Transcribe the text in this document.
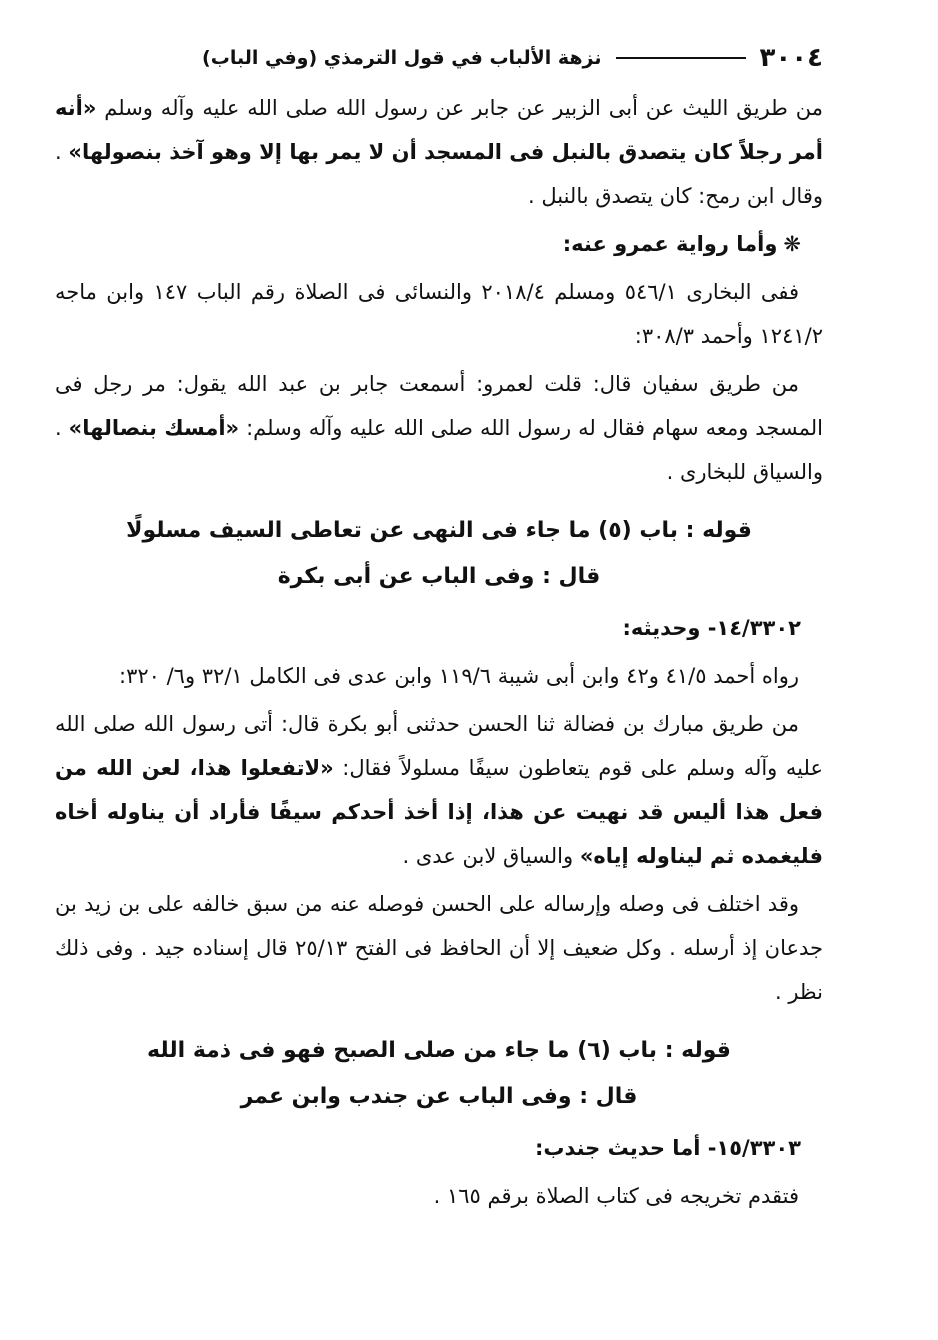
٣٠٠٤
نزهة الألباب في قول الترمذي (وفي الباب)

من طريق الليث عن أبى الزبير عن جابر عن رسول الله صلى الله عليه وآله وسلم «أنه أمر رجلاً كان يتصدق بالنبل فى المسجد أن لا يمر بها إلا وهو آخذ بنصولها» . وقال ابن رمح: كان يتصدق بالنبل .

❋وأما رواية عمرو عنه:

ففى البخارى ٥٤٦/١ ومسلم ٢٠١٨/٤ والنسائى فى الصلاة رقم الباب ١٤٧ وابن ماجه ١٢٤١/٢ وأحمد ٣٠٨/٣:

من طريق سفيان قال: قلت لعمرو: أسمعت جابر بن عبد الله يقول: مر رجل فى المسجد ومعه سهام فقال له رسول الله صلى الله عليه وآله وسلم: «أمسك بنصالها» . والسياق للبخارى .

قوله : باب (٥) ما جاء فى النهى عن تعاطى السيف مسلولًا

قال : وفى الباب عن أبى بكرة

١٤/٣٣٠٢- وحديثه:

رواه أحمد ٤١/٥ و٤٢ وابن أبى شيبة ١١٩/٦ وابن عدى فى الكامل ٣٢/١ و٦/ ٣٢٠:

من طريق مبارك بن فضالة ثنا الحسن حدثنى أبو بكرة قال: أتى رسول الله صلى الله عليه وآله وسلم على قوم يتعاطون سيفًا مسلولاً فقال: «لاتفعلوا هذا، لعن الله من فعل هذا أليس قد نهيت عن هذا، إذا أخذ أحدكم سيفًا فأراد أن يناوله أخاه فليغمده ثم ليناوله إياه» والسياق لابن عدى .

وقد اختلف فى وصله وإرساله على الحسن فوصله عنه من سبق خالفه على بن زيد بن جدعان إذ أرسله . وكل ضعيف إلا أن الحافظ فى الفتح ٢٥/١٣ قال إسناده جيد . وفى ذلك نظر .

قوله : باب (٦) ما جاء من صلى الصبح فهو فى ذمة الله

قال : وفى الباب عن جندب وابن عمر

١٥/٣٣٠٣- أما حديث جندب:

فتقدم تخريجه فى كتاب الصلاة برقم ١٦٥ .
